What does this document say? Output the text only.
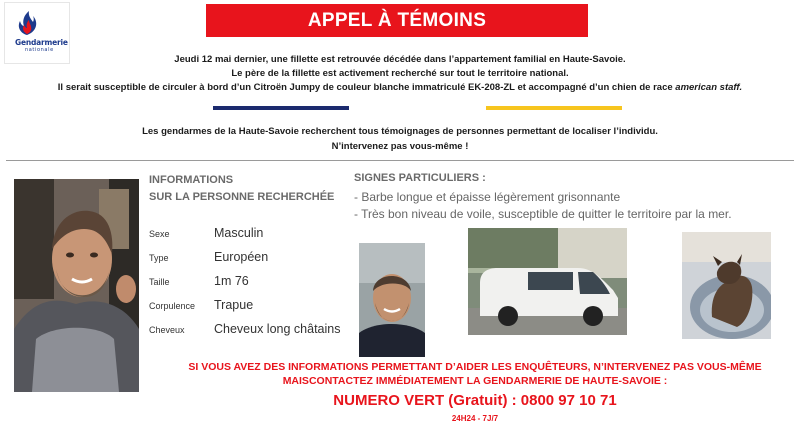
Gendarmerie
nationale
APPEL À TÉMOINS
Jeudi 12 mai dernier, une fillette est retrouvée décédée dans l’appartement familial en Haute-Savoie.
Le père de la fillette est activement recherché sur tout le territoire national.
Il serait susceptible de circuler à bord d’un Citroën Jumpy de couleur blanche immatriculé EK-208-ZL et accompagné d’un chien de race american staff.
Les gendarmes de la Haute-Savoie recherchent tous témoignages de personnes permettant de localiser l’individu.
N’intervenez pas vous-même !
INFORMATIONS
SUR LA PERSONNE RECHERCHÉE
Sexe	Masculin
Type	Européen
Taille	1m 76
Corpulence Trapue
Cheveux Cheveux long châtains
SIGNES PARTICULIERS :
- Barbe longue et épaisse légèrement grisonnante
- Très bon niveau de voile, susceptible de quitter le territoire par la mer.
SI VOUS AVEZ DES INFORMATIONS PERMETTANT D’AIDER LES ENQUÊTEURS, N’INTERVENEZ PAS VOUS-MÊME
MAISCONTACTEZ IMMÉDIATEMENT LA GENDARMERIE DE HAUTE-SAVOIE :
NUMERO VERT (Gratuit) : 0800 97 10 71
24H24 - 7J/7
